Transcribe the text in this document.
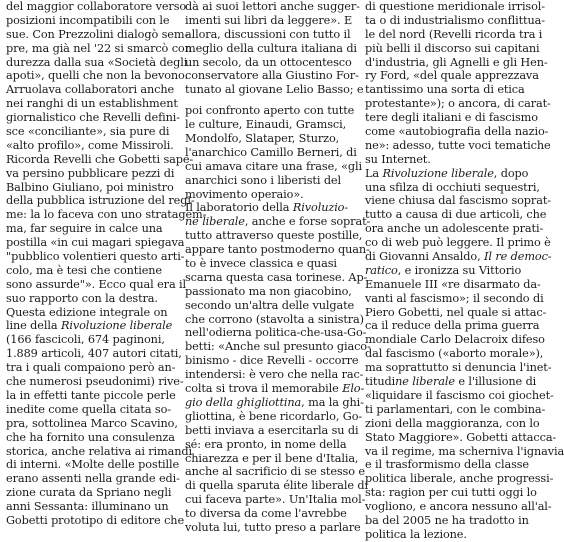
del maggior collaboratore verso
posizioni incompatibili con le
sue. Con Prezzolini dialogò sem-
pre, ma già nel '22 si smarcò con
durezza dalla sua «Società degli
apoti», quelli che non la bevono.
Arruolava collaboratori anche
nei ranghi di un establishment
giornalistico che Revelli defini-
sce «conciliante», sia pure di
«alto profilo», come Missiroli.
Ricorda Revelli che Gobetti sape-
va persino pubblicare pezzi di
Balbino Giuliano, poi ministro
della pubblica istruzione del regi-
me: la lo faceva con uno stratagem-
ma, far seguire in calce una
postilla «in cui magari spiegava
"pubblico volentieri questo arti-
colo, ma è tesi che contiene
sono assurde"». Ecco qual era il
suo rapporto con la destra.
Questa edizione integrale on
line della Rivoluzione liberale
(166 fascicoli, 674 paginoni,
1.889 articoli, 407 autori citati,
tra i quali compaiono però an-
che numerosi pseudonimi) rive-
la in effetti tante piccole perle
inedite come quella citata so-
pra, sottolinea Marco Scavino,
che ha fornito una consulenza
storica, anche relativa ai rimandi
di interni. «Molte delle postille
erano assenti nella grande edi-
zione curata da Spriano negli
anni Sessanta: illuminano un
Gobetti prototipo di editore che
dà ai suoi lettori anche sugger-
imenti sui libri da leggere». E
allora, discussioni con tutto il
meglio della cultura italiana di
un secolo, da un ottocentesco
conservatore alla Giustino For-
tunato al giovane Lelio Basso; e
poi confronto aperto con tutte
le culture, Einaudi, Gramsci,
Mondolfo, Slataper, Sturzo,
l'anarchico Camillo Berneri, di
cui amava citare una frase, «gli
anarchici sono i liberisti del
movimento operaio».
Il laboratorio della Rivoluzio-
ne liberale, anche e forse soprat-
tutto attraverso queste postille,
appare tanto postmoderno quan-
to è invece classica e quasi
scarna questa casa torinese. Ap-
passionato ma non giacobino,
secondo un'altra delle vulgate
che corrono (stavolta a sinistra)
nell'odierna politica-che-usa-Go-
betti: «Anche sul presunto giaco-
binismo - dice Revelli - occorre
intendersi: è vero che nella rac-
colta si trova il memorabile Elo-
gio della ghigliottina, ma la ghi-
gliottina, è bene ricordarlo, Go-
betti inviava a esercitarla su di
sé: era pronto, in nome della
chiarezza e per il bene d'Italia,
anche al sacrificio di se stesso e
di quella sparuta élite liberale di
cui faceva parte». Un'Italia mol-
to diversa da come l'avrebbe
voluta lui, tutto preso a parlare
di questione meridionale irrisol-
ta o di industrialismo conflittua-
le del nord (Revelli ricorda tra i
più belli il discorso sui capitani
d'industria, gli Agnelli e gli Hen-
ry Ford, «del quale apprezzava
tantissimo una sorta di etica
protestante»); o ancora, di carat-
tere degli italiani e di fascismo
come «autobiografia della nazio-
ne»: adesso, tutte voci tematiche
su Internet.
La Rivoluzione liberale, dopo
una sfilza di occhiuti sequestri,
viene chiusa dal fascismo soprat-
tutto a causa di due articoli, che
ora anche un adolescente prati-
co di web può leggere. Il primo è
di Giovanni Ansaldo, Il re democ-
ratico, e ironizza su Vittorio
Emanuele III «re disarmato da-
vanti al fascismo»; il secondo di
Piero Gobetti, nel quale si attac-
ca il reduce della prima guerra
mondiale Carlo Delacroix difeso
dal fascismo («aborto morale»),
ma soprattutto si denuncia l'inet-
titudine liberale e l'illusione di
«liquidare il fascismo coi giochet-
ti parlamentari, con le combina-
zioni della maggioranza, con lo
Stato Maggiore». Gobetti attacca-
va il regime, ma scherniva l'ignavia
e il trasformismo della classe
politica liberale, anche progressi-
sta: ragion per cui tutti oggi lo
vogliono, e ancora nessuno all'al-
ba del 2005 ne ha tradotto in
politica la lezione.
